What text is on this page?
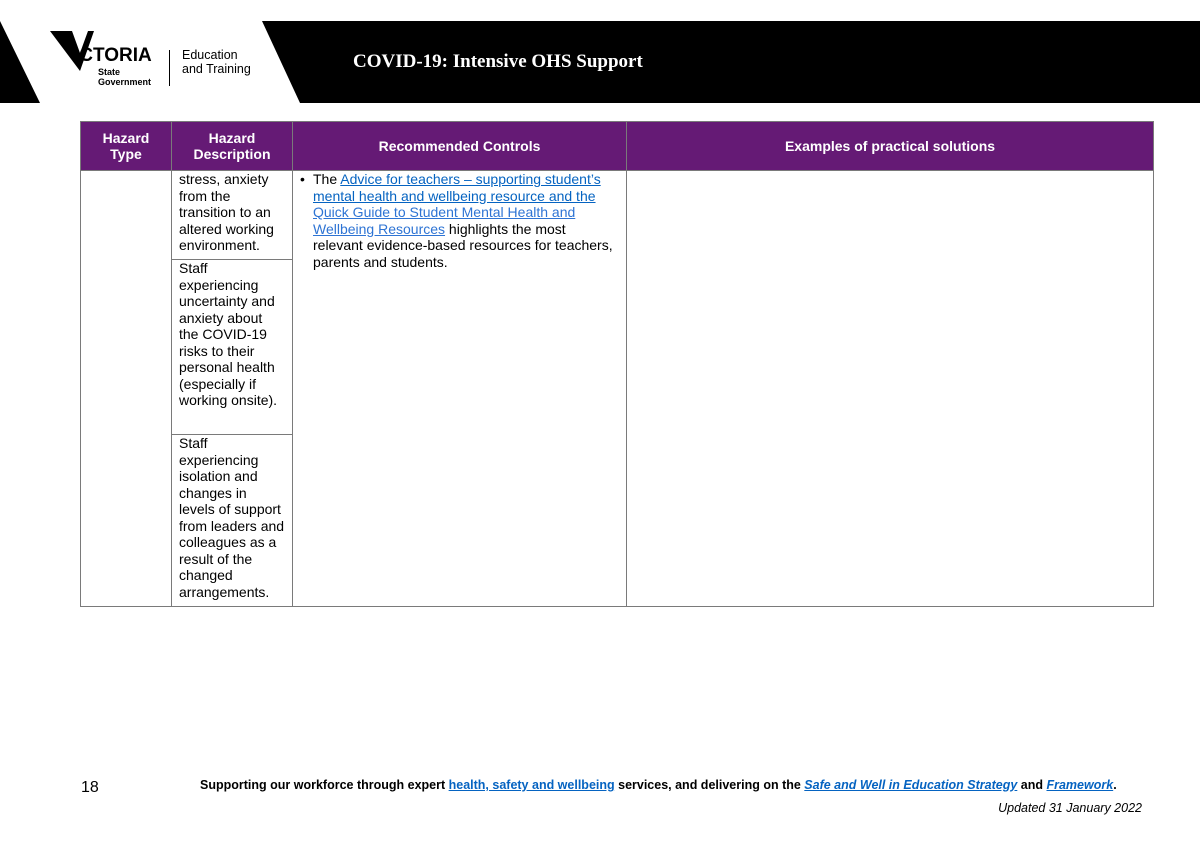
ICTORIA
State
Government
Education
and Training	COVID-19: Intensive OHS Support
Hazard Type	Hazard Description	Recommended Controls	Examples of practical solutions
	stress, anxiety from the transition to an altered working environment.	• The Advice for teachers – supporting student’s mental health and wellbeing resource and the Quick Guide to Student Mental Health and Wellbeing Resources highlights the most relevant evidence-based resources for teachers, parents and students.	

	Staff experiencing uncertainty and anxiety about the COVID-19 risks to their personal health (especially if working onsite).		
	Staff experiencing isolation and changes in levels of support from leaders and colleagues as a result of the changed arrangements.		
18	Supporting our workforce through expert health, safety and wellbeing services, and delivering on the Safe and Well in Education Strategy and Framework.
Updated 31 January 2022
